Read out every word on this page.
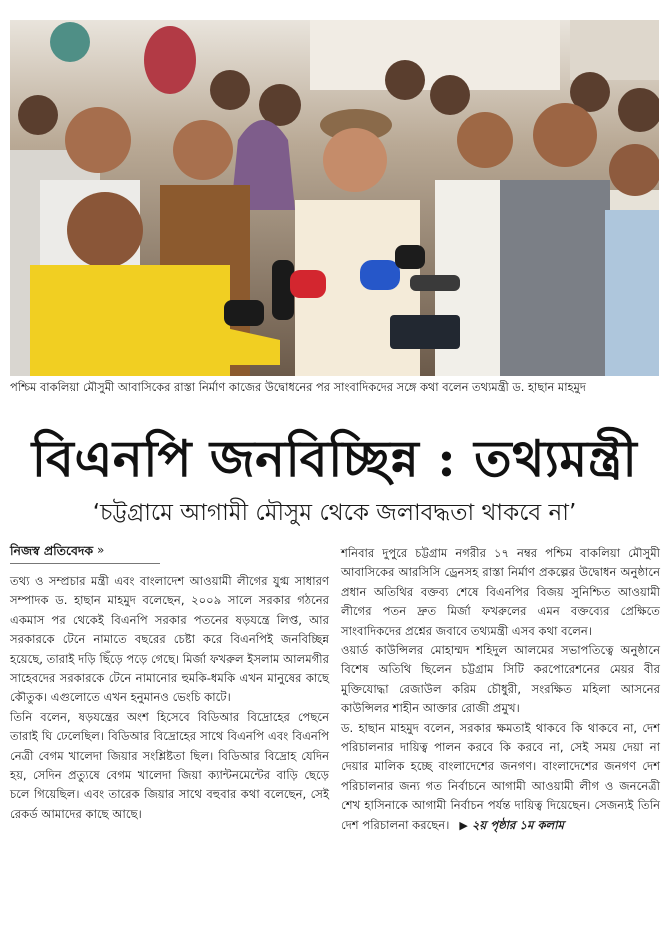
পশ্চিম বাকলিয়া মৌসুমী আবাসিকের রাস্তা নির্মাণ কাজের উদ্বোধনের পর সাংবাদিকদের সঙ্গে কথা বলেন তথ্যমন্ত্রী ড. হাছান মাহমুদ
বিএনপি জনবিচ্ছিন্ন : তথ্যমন্ত্রী
‘চট্টগ্রামে আগামী মৌসুম থেকে জলাবদ্ধতা থাকবে না’
নিজস্ব প্রতিবেদক »

তথ্য ও সম্প্রচার মন্ত্রী এবং বাংলাদেশ আওয়ামী লীগের যুগ্ম সাধারণ সম্পাদক ড. হাছান মাহমুদ বলেছেন, ২০০৯ সালে সরকার গঠনের একমাস পর থেকেই বিএনপি সরকার পতনের ষড়যন্ত্রে লিপ্ত, আর সরকারকে টেনে নামাতে বছরের চেষ্টা করে বিএনপিই জনবিচ্ছিন্ন হয়েছে, তারাই দড়ি ছিঁড়ে পড়ে গেছে। মির্জা ফখরুল ইসলাম আলমগীর সাহেবদের সরকারকে টেনে নামানোর হুমকি-ধমকি এখন মানুষের কাছে কৌতুক। এগুলোতে এখন হনুমানও ভেংচি কাটে।

তিনি বলেন, ষড়যন্ত্রের অংশ হিসেবে বিডিআর বিদ্রোহের পেছনে তারাই ঘি ঢেলেছিল। বিডিআর বিদ্রোহের সাথে বিএনপি এবং বিএনপি নেত্রী বেগম খালেদা জিয়ার সংশ্লিষ্টতা ছিল। বিডিআর বিদ্রোহ যেদিন হয়, সেদিন প্রত্যুষে বেগম খালেদা জিয়া ক্যান্টনমেন্টের বাড়ি ছেড়ে চলে গিয়েছিল। এবং তারেক জিয়ার সাথে বহুবার কথা বলেছেন, সেই রেকর্ড আমাদের কাছে আছে।

শনিবার দুপুরে চট্টগ্রাম নগরীর ১৭ নম্বর পশ্চিম বাকলিয়া মৌসুমী আবাসিকের আরসিসি ড্রেনসহ রাস্তা নির্মাণ প্রকল্পের উদ্বোধন অনুষ্ঠানে প্রধান অতিথির বক্তব্য শেষে বিএনপির বিজয় সুনিশ্চিত আওয়ামী লীগের পতন দ্রুত মির্জা ফখরুলের এমন বক্তব্যের প্রেক্ষিতে সাংবাদিকদের প্রশ্নের জবাবে তথ্যমন্ত্রী এসব কথা বলেন।

ওয়ার্ড কাউন্সিলর মোহাম্মদ শহিদুল আলমের সভাপতিত্বে অনুষ্ঠানে বিশেষ অতিথি ছিলেন চট্টগ্রাম সিটি করপোরেশনের মেয়র বীর মুক্তিযোদ্ধা রেজাউল করিম চৌধুরী, সংরক্ষিত মহিলা আসনের কাউন্সিলর শাহীন আক্তার রোজী প্রমুখ।

ড. হাছান মাহমুদ বলেন, সরকার ক্ষমতাই থাকবে কি থাকবে না, দেশ পরিচালনার দায়িত্ব পালন করবে কি করবে না, সেই সময় দেয়া না দেয়ার মালিক হচ্ছে বাংলাদেশের জনগণ। বাংলাদেশের জনগণ দেশ পরিচালনার জন্য গত নির্বাচনে আগামী আওয়ামী লীগ ও জননেত্রী শেখ হাসিনাকে আগামী নির্বাচন পর্যন্ত দায়িত্ব দিয়েছেন। সেজন্যই তিনি দেশ পরিচালনা করছেন। ▶ ২য় পৃষ্ঠার ১ম কলাম
